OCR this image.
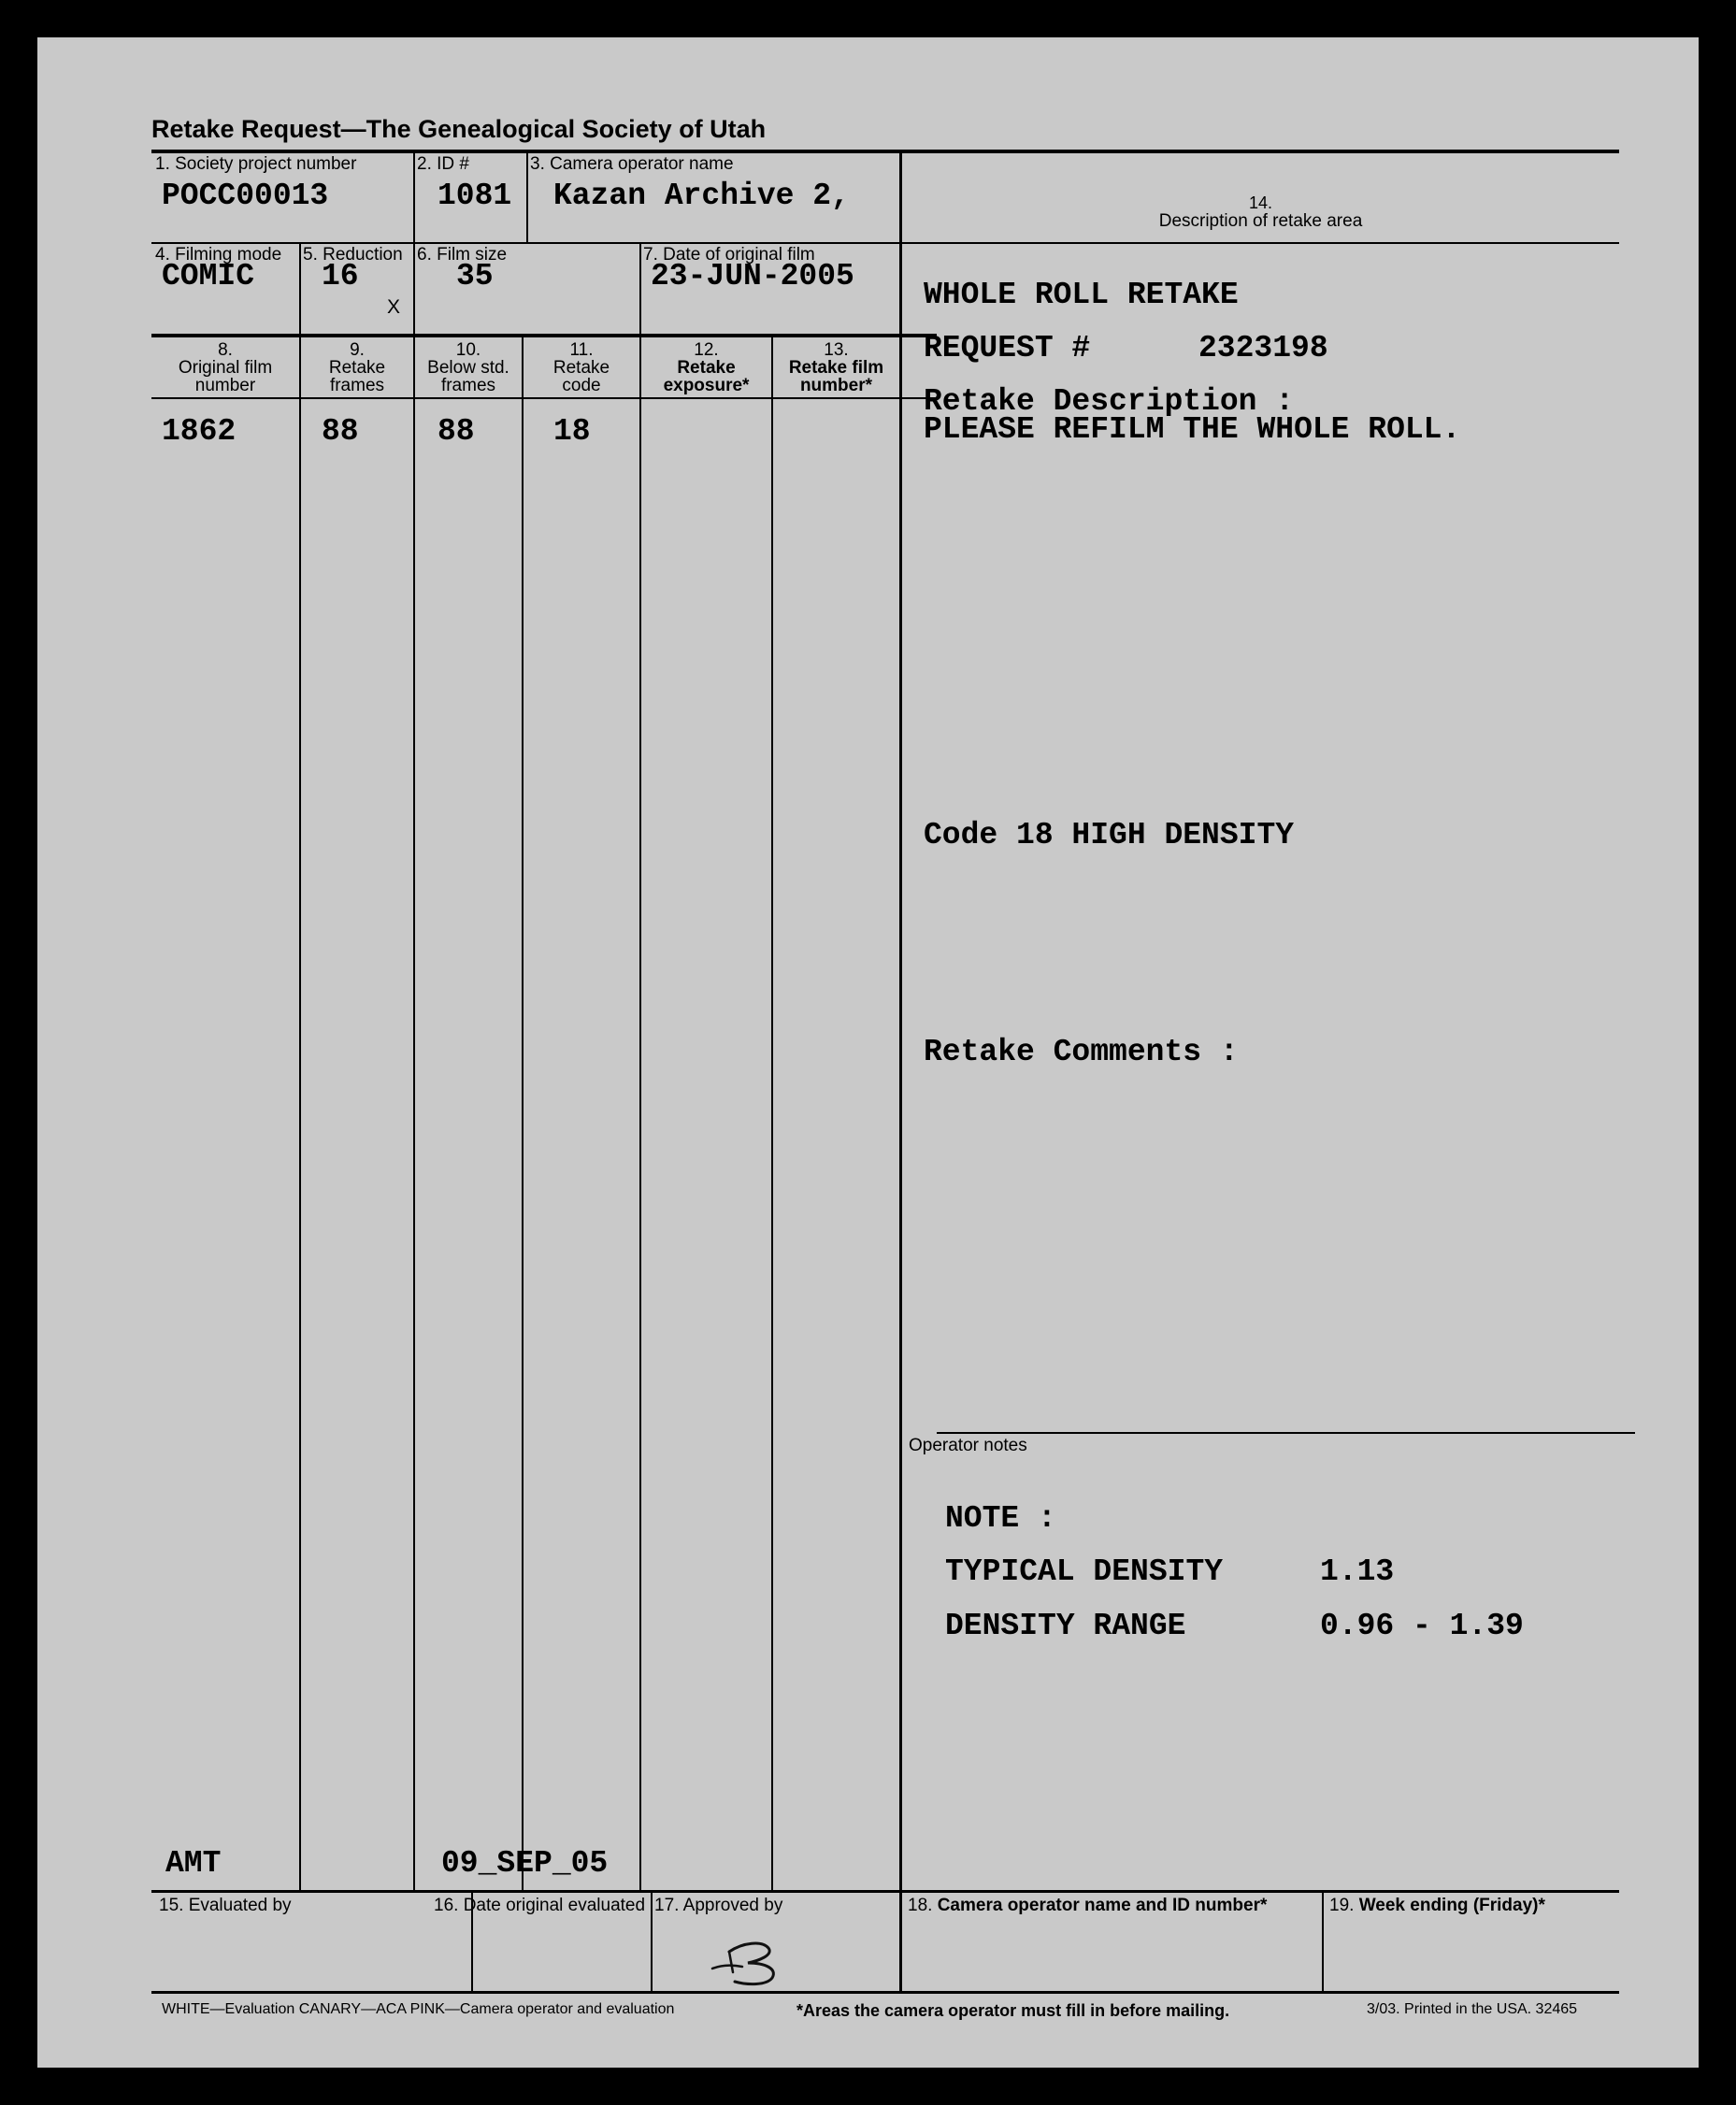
Retake Request—The Genealogical Society of Utah
1. Society project number
POCC00013
2. ID #
1081
3. Camera operator name
Kazan Archive 2,	14.
Description of retake area
4. Filming mode
COMIC
5. Reduction
16
X
6. Film size
35
7. Date of original film
23-JUN-2005
8.
Original film
number
9.
Retake
frames
10.
Below std.
frames
11.
Retake
code
12.
Retake
exposure*
13.
Retake film
number*
1862	88	88	18
WHOLE ROLL RETAKE
REQUEST #	2323198
Retake Description :
PLEASE REFILM THE WHOLE ROLL.
Code 18 HIGH DENSITY
Retake Comments :
Operator notes
NOTE :
TYPICAL DENSITY	1.13
DENSITY RANGE	0.96 - 1.39
AMT	09_SEP_05
15. Evaluated by	16. Date original evaluated 17. Approved by	18. Camera operator name and ID number*	19. Week ending (Friday)*
WHITE—Evaluation CANARY—ACA PINK—Camera operator and evaluation	*Areas the camera operator must fill in before mailing.	3/03. Printed in the USA. 32465
